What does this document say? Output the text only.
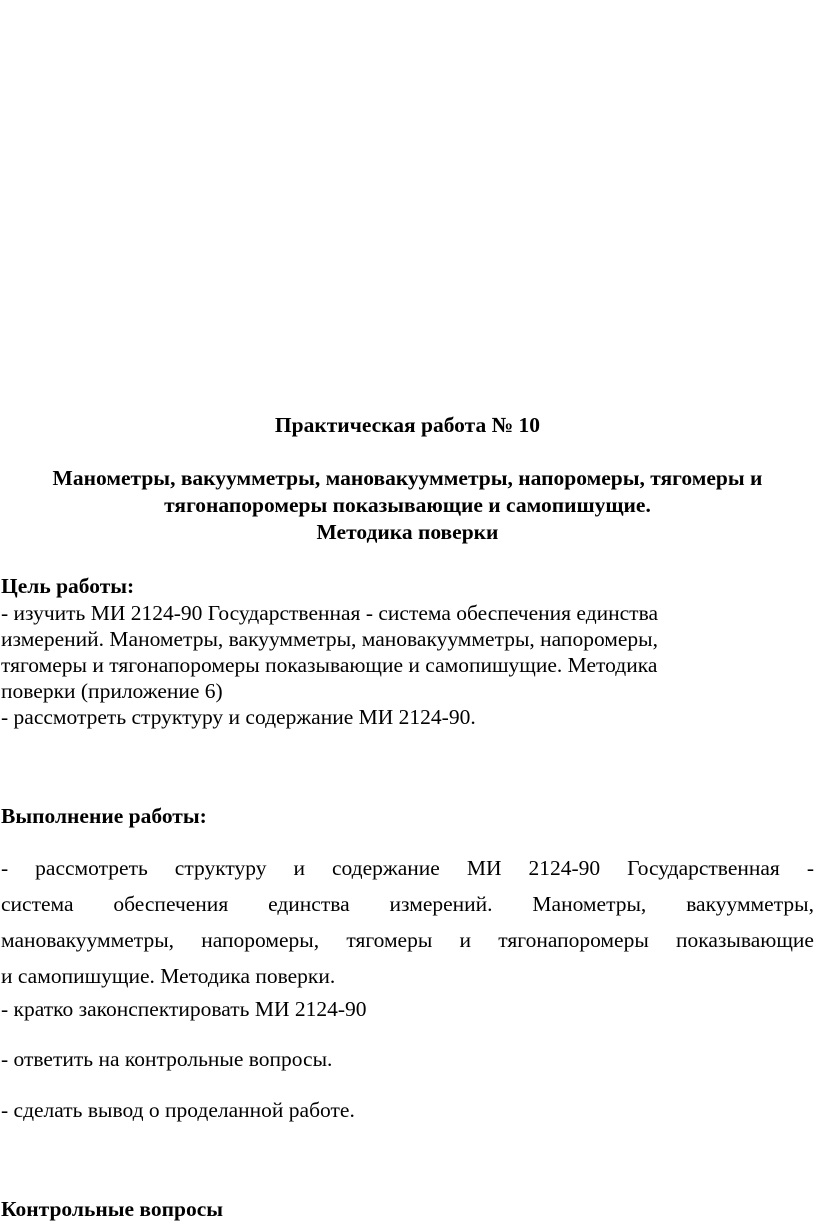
Практическая работа № 10

Манометры, вакуумметры, мановакуумметры, напоромеры, тягомеры и
тягонапоромеры показывающие и самопишущие.
Методика поверки

Цель работы:

- изучить МИ 2124-90 Государственная - система обеспечения единства
измерений. Манометры, вакуумметры, мановакуумметры, напоромеры,
тягомеры и тягонапоромеры показывающие и самопишущие. Методика
поверки (приложение 6)
- рассмотреть структуру и содержание МИ 2124-90.

Выполнение работы:

- рассмотреть структуру и содержание МИ 2124-90 Государственная -
система обеспечения единства измерений. Манометры, вакуумметры,
мановакуумметры, напоромеры, тягомеры и тягонапоромеры показывающие
и самопишущие. Методика поверки.

- кратко законспектировать МИ 2124-90

- ответить на контрольные вопросы.

- сделать вывод о проделанной работе.

Контрольные вопросы
